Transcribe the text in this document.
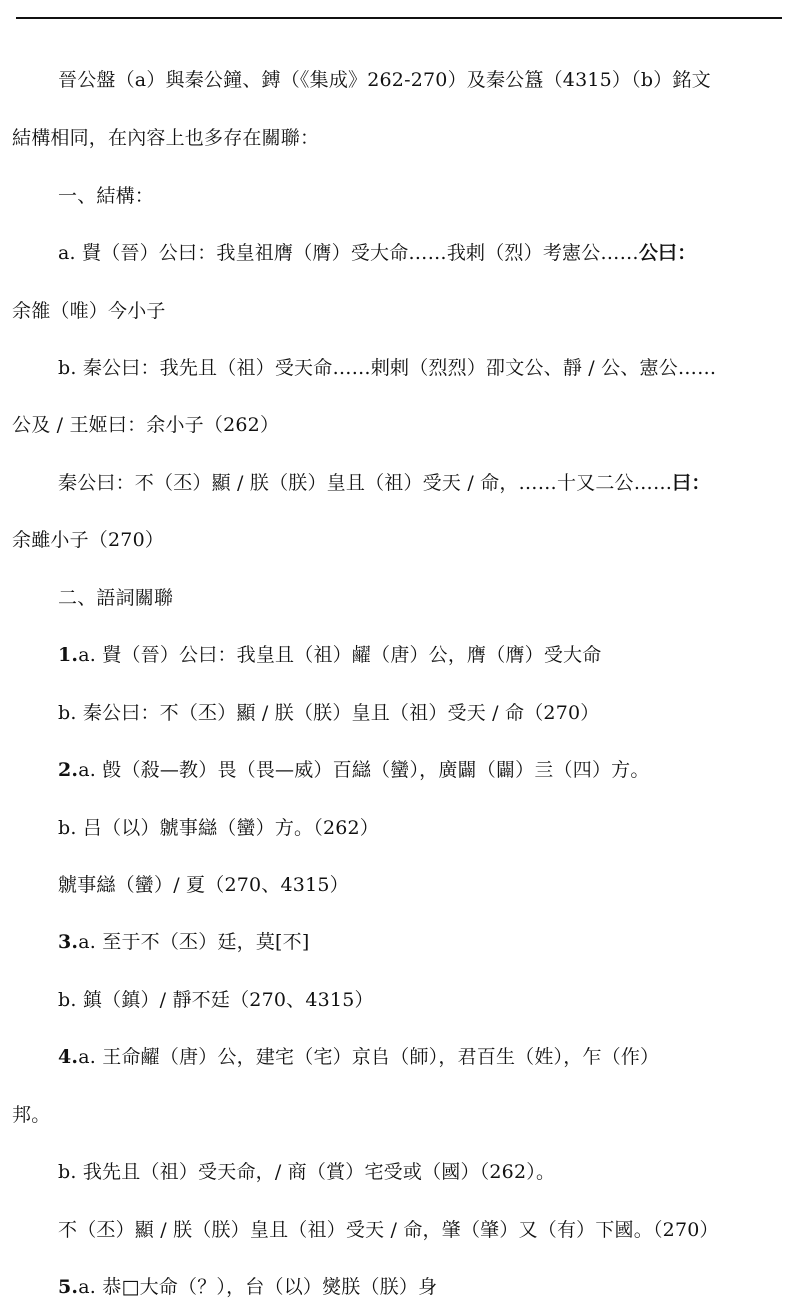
晉公盤（a）與秦公鐘、鎛（《集成》262-270）及秦公簋（4315）（b）銘文
結構相同，在內容上也多存在關聯：
一、結構：
a. 䝿（晉）公曰：我皇祖膺（膺）受大命……我剌（烈）考憲公……公曰：
余雒（唯）今小子
b. 秦公曰：我先且（祖）受天命……剌剌（烈烈）卲文公、靜 / 公、憲公……
公及 / 王姬曰：余小子（262）
秦公曰：不（丕）顯 / 朕（朕）皇且（祖）受天 / 命，……十又二公……曰：
余雖小子（270）
二、語詞關聯
1.a. 䝿（晉）公曰：我皇且（祖）䴞（唐）公，膺（膺）受大命
b. 秦公曰：不（丕）顯 / 朕（朕）皇且（祖）受天 / 命（270）
2.a. 㲃（殺—教）畏（畏—威）百䜌（蠻），廣闢（闢）亖（四）方。
b. 吕（以）虩事䜌（蠻）方。（262）
虩事䜌（蠻）/ 夏（270、4315）
3.a. 至于不（丕）廷，莫[不]
b. 鎮（鎮）/ 靜不廷（270、4315）
4.a. 王命䴞（唐）公，建宅（宅）京𠂤（師），君百生（姓），乍（作）
邦。
b. 我先且（祖）受天命，/ 商（賞）宅受或（國）（262）。
不（丕）顯 / 朕（朕）皇且（祖）受天 / 命，肇（肇）又（有）下國。（270）
5.a. 恭□大命（？），台（以）爕朕（朕）身
